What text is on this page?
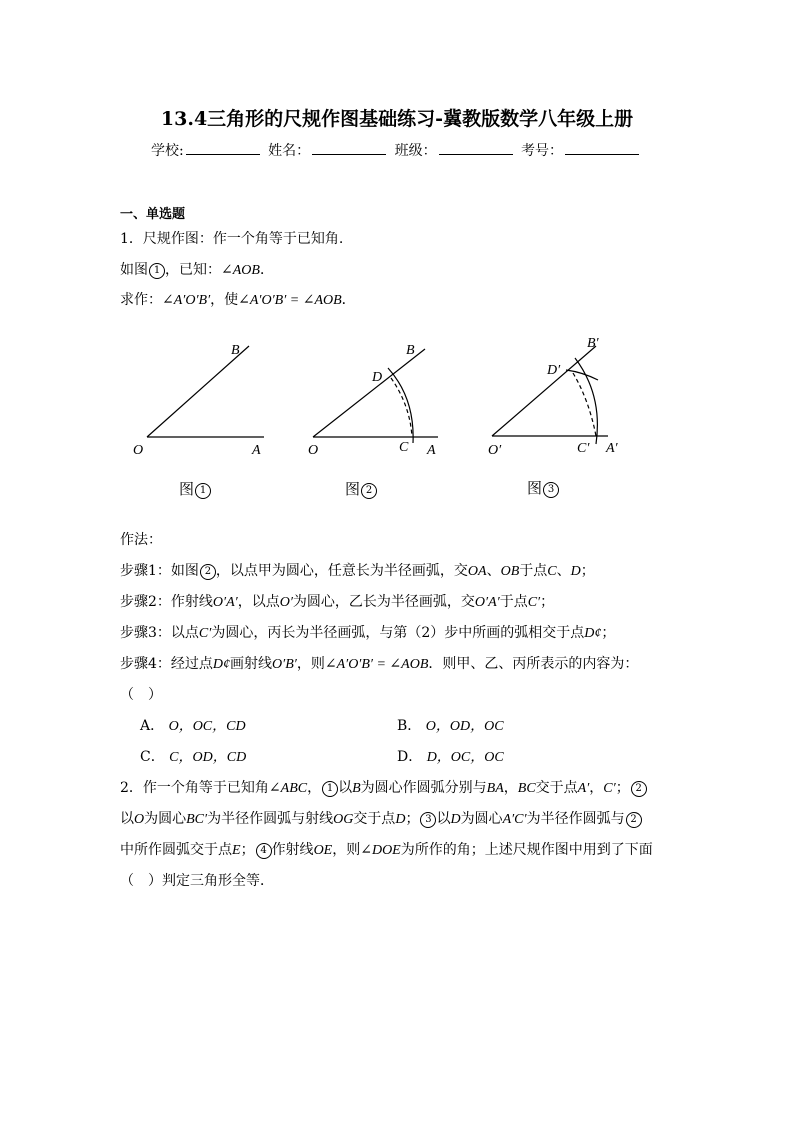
13.4三角形的尺规作图基础练习-冀教版数学八年级上册
学校:	姓名：	班级：	考号：
一、单选题
1．尺规作图：作一个角等于已知角.
如图 1 ，已知：∠AOB．
求作：∠A′O′B′，使∠A′O′B′ = ∠AOB．
O	A
B
O	A
B
C
D
O′	A′
B′
C′
D′
图 1	图 2	图 3
作法：
步骤1：如图 2 ，以点甲为圆心，任意长为半径画弧，交OA、OB于点C、D；
步骤2：作射线O′A′，以点O′为圆心，乙长为半径画弧，交O′A′于点C′；
步骤3：以点C′为圆心，丙长为半径画弧，与第（2）步中所画的弧相交于点D¢；
步骤4：经过点D¢画射线O′B′，则∠A′O′B′ = ∠AOB．则甲、乙、丙所表示的内容为：
（　）
A． O，OC，CD	B． O，OD，OC
C． C，OD，CD	D． D，OC，OC
2．作一个角等于已知角∠ABC， 1 以B为圆心作圆弧分别与BA，BC交于点A′，C′； 2
以O为圆心BC′为半径作圆弧与射线OG交于点D； 3 以D为圆心A′C′为半径作圆弧与 2
中所作圆弧交于点E； 4 作射线OE，则∠DOE为所作的角；上述尺规作图中用到了下面
（　）判定三角形全等．
